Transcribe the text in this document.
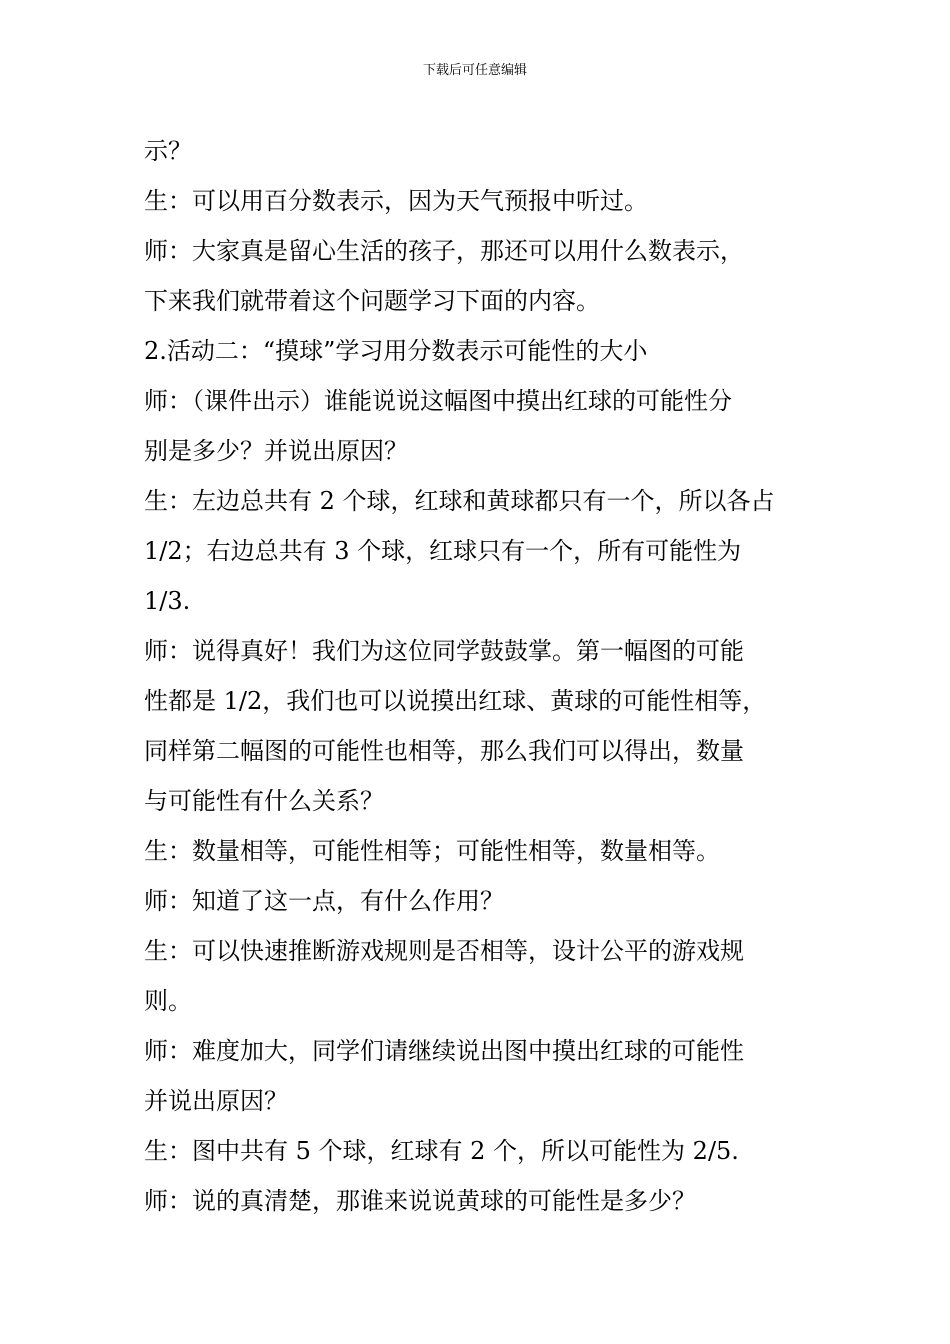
下载后可任意编辑
示？
生：可以用百分数表示，因为天气预报中听过。
师：大家真是留心生活的孩子，那还可以用什么数表示，
下来我们就带着这个问题学习下面的内容。
2.活动二：“摸球”学习用分数表示可能性的大小
师：（课件出示）谁能说说这幅图中摸出红球的可能性分
别是多少？并说出原因？
生：左边总共有 2 个球，红球和黄球都只有一个，所以各占
1/2；右边总共有 3 个球，红球只有一个，所有可能性为
1/3.
师：说得真好！我们为这位同学鼓鼓掌。第一幅图的可能
性都是 1/2，我们也可以说摸出红球、黄球的可能性相等，
同样第二幅图的可能性也相等，那么我们可以得出，数量
与可能性有什么关系？
生：数量相等，可能性相等；可能性相等，数量相等。
师：知道了这一点，有什么作用？
生：可以快速推断游戏规则是否相等，设计公平的游戏规
则。
师：难度加大，同学们请继续说出图中摸出红球的可能性
并说出原因？
生：图中共有 5 个球，红球有 2 个，所以可能性为 2/5.
师：说的真清楚，那谁来说说黄球的可能性是多少？
